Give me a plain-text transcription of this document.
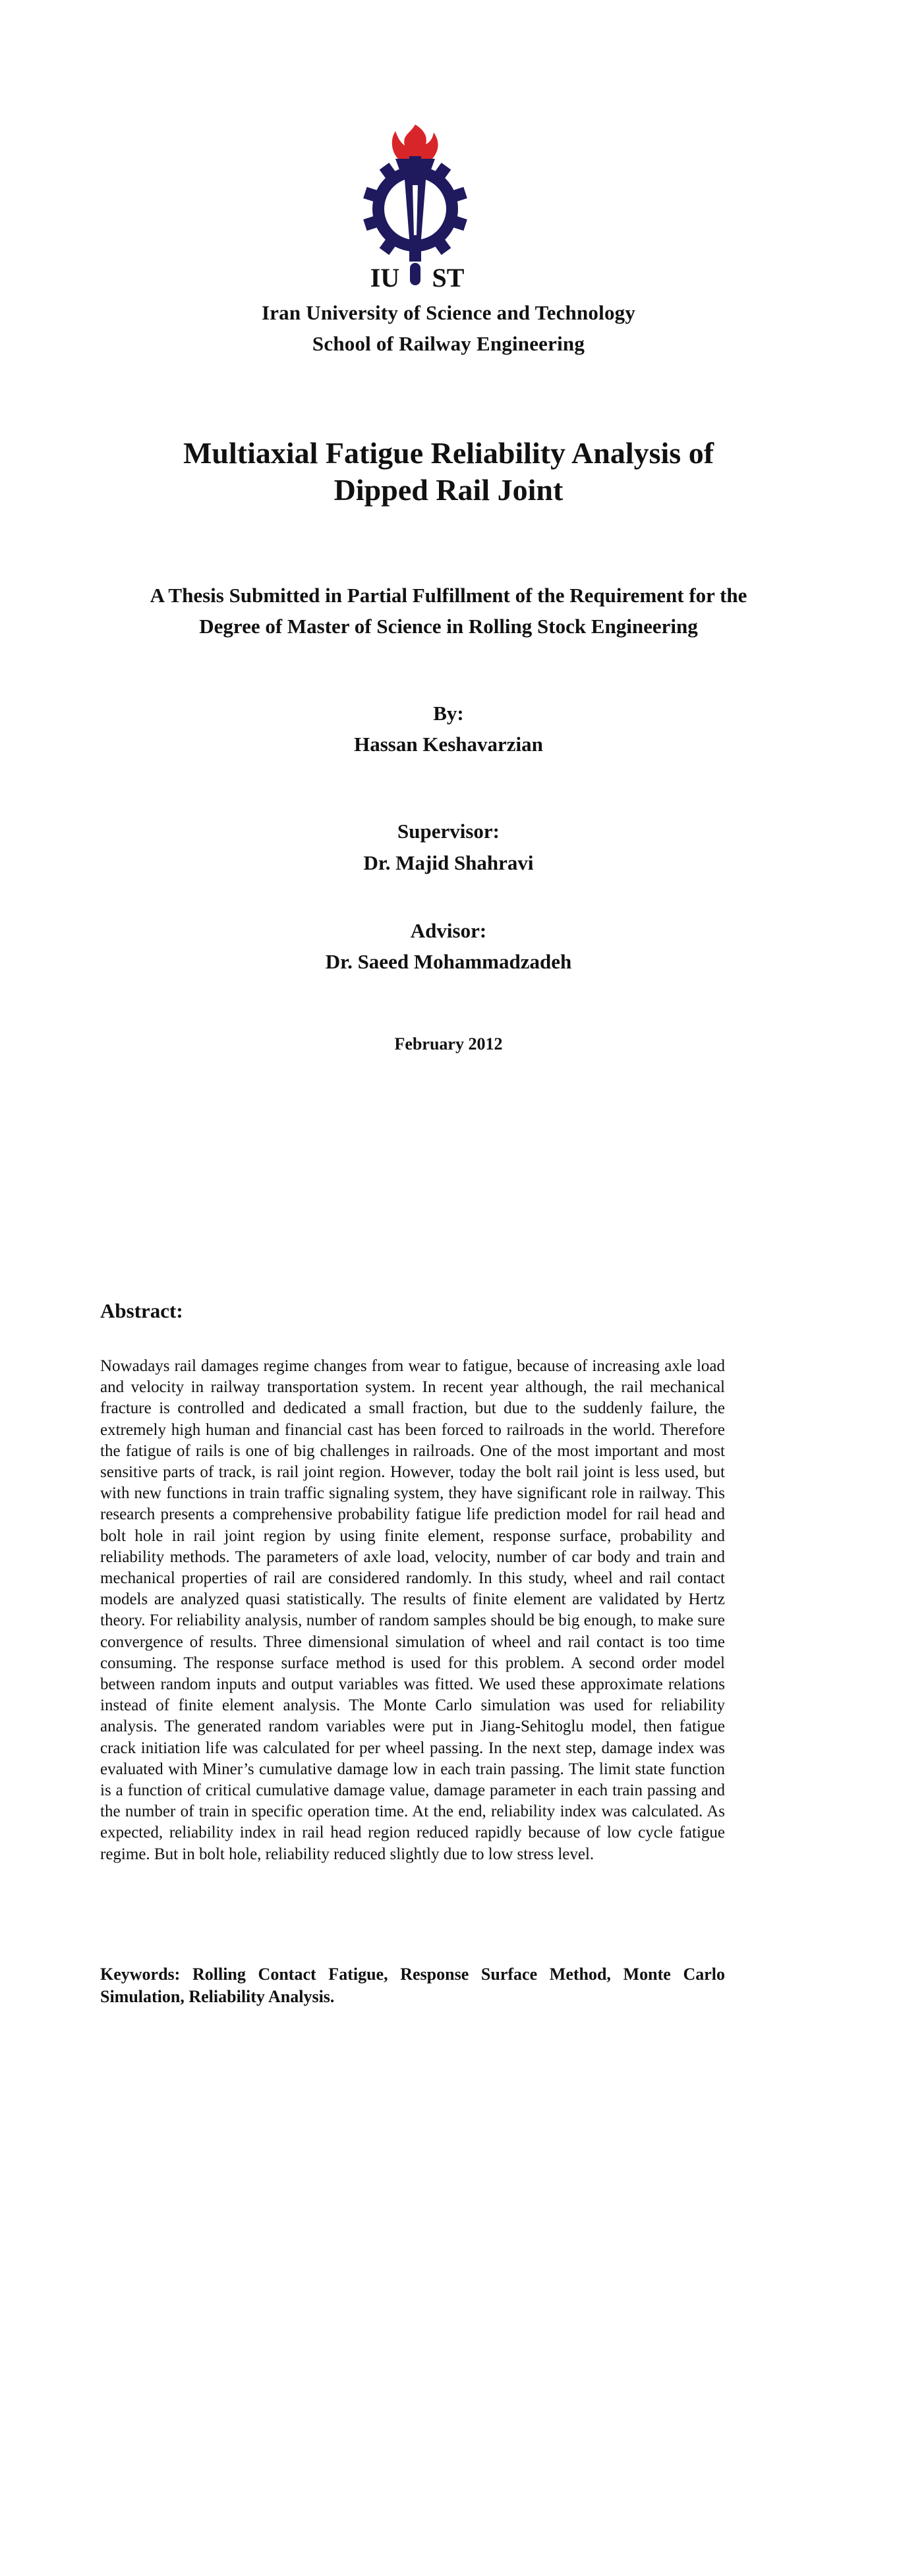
IU ST
Iran University of Science and Technology
School of Railway Engineering
Multiaxial Fatigue Reliability Analysis of
Dipped Rail Joint
A Thesis Submitted in Partial Fulfillment of the Requirement for the
Degree of Master of Science in Rolling Stock Engineering
By:
Hassan Keshavarzian
Supervisor:
Dr. Majid Shahravi
Advisor:
Dr. Saeed Mohammadzadeh
February 2012
Abstract:
Nowadays rail damages regime changes from wear to fatigue, because of increasing axle load and velocity in railway transportation system. In recent year although, the rail mechanical fracture is controlled and dedicated a small fraction, but due to the suddenly failure, the extremely high human and financial cast has been forced to railroads in the world. Therefore the fatigue of rails is one of big challenges in railroads. One of the most important and most sensitive parts of track, is rail joint region. However, today the bolt rail joint is less used, but with new functions in train traffic signaling system, they have significant role in railway. This research presents a comprehensive probability fatigue life prediction model for rail head and bolt hole in rail joint region by using finite element, response surface, probability and reliability methods. The parameters of axle load, velocity, number of car body and train and mechanical properties of rail are considered randomly. In this study, wheel and rail contact models are analyzed quasi statistically. The results of finite element are validated by Hertz theory. For reliability analysis, number of random samples should be big enough, to make sure convergence of results. Three dimensional simulation of wheel and rail contact is too time consuming. The response surface method is used for this problem. A second order model between random inputs and output variables was fitted. We used these approximate relations instead of finite element analysis. The Monte Carlo simulation was used for reliability analysis. The generated random variables were put in Jiang-Sehitoglu model, then fatigue crack initiation life was calculated for per wheel passing. In the next step, damage index was evaluated with Miner’s cumulative damage low in each train passing. The limit state function is a function of critical cumulative damage value, damage parameter in each train passing and the number of train in specific operation time. At the end, reliability index was calculated. As expected, reliability index in rail head region reduced rapidly because of low cycle fatigue regime. But in bolt hole, reliability reduced slightly due to low stress level.
Keywords: Rolling Contact Fatigue, Response Surface Method, Monte Carlo Simulation, Reliability Analysis.
